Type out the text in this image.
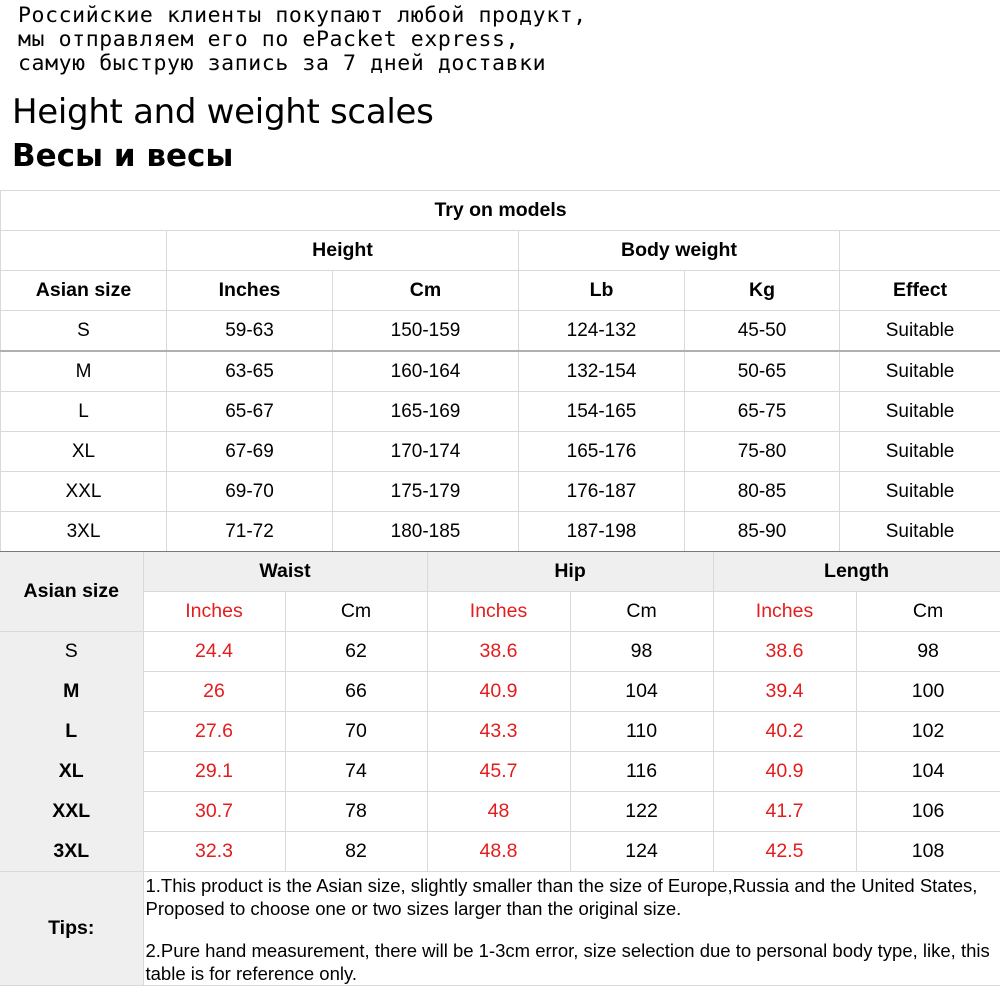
Российские клиенты покупают любой продукт,
мы отправляем его по ePacket express,
самую быструю запись за 7 дней доставки
Height and weight scales
Весы и весы
Try on models					
	Height		Body weight		
Asian size	Inches	Cm	Lb	Kg	Effect
S	59-63	150-159	124-132	45-50	Suitable
M	63-65	160-164	132-154	50-65	Suitable
L	65-67	165-169	154-165	65-75	Suitable
XL	67-69	170-174	165-176	75-80	Suitable
XXL	69-70	175-179	176-187	80-85	Suitable
3XL	71-72	180-185	187-198	85-90	Suitable
Asian size	Waist		Hip		Length	
	Inches	Cm	Inches	Cm	Inches	Cm
S	24.4	62	38.6	98	38.6	98
M	26	66	40.9	104	39.4	100
L	27.6	70	43.3	110	40.2	102
XL	29.1	74	45.7	116	40.9	104
XXL	30.7	78	48	122	41.7	106
3XL	32.3	82	48.8	124	42.5	108
Tips:	1.This product is the Asian size, slightly smaller than the size of Europe,Russia and the United States, Proposed to choose one or two sizes larger than the original size.

2.Pure hand measurement, there will be 1-3cm error, size selection due to personal body type, like, this table is for reference only.					
